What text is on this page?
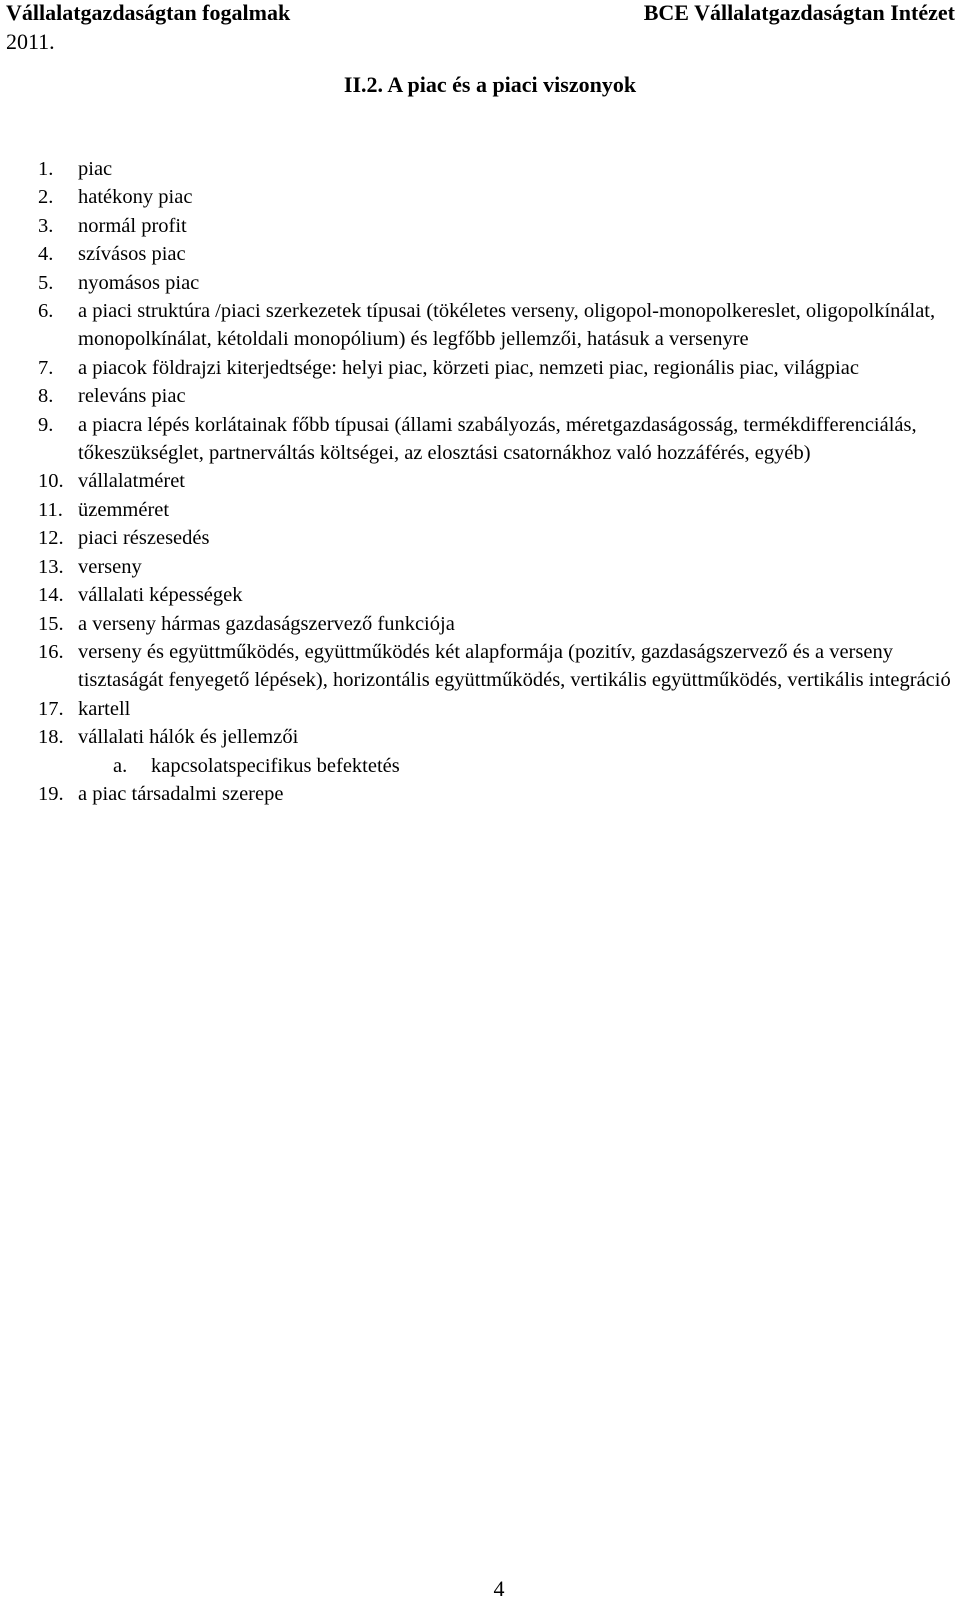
Vállalatgazdaságtan fogalmak	BCE Vállalatgazdaságtan Intézet
2011.
II.2. A piac és a piaci viszonyok
1.	piac
2.	hatékony piac
3.	normál profit
4.	szívásos piac
5.	nyomásos piac
6.	a piaci struktúra /piaci szerkezetek típusai (tökéletes verseny, oligopol-monopolkereslet, oligopolkínálat, monopolkínálat, kétoldali monopólium) és legfőbb jellemzői, hatásuk a versenyre
7.	a piacok földrajzi kiterjedtsége: helyi piac, körzeti piac, nemzeti piac, regionális piac, világpiac
8.	releváns piac
9.	a piacra lépés korlátainak főbb típusai (állami szabályozás, méretgazdaságosság, termékdifferenciálás, tőkeszükséglet, partnerváltás költségei, az elosztási csatornákhoz való hozzáférés, egyéb)
10. vállalatméret
11. üzemméret
12. piaci részesedés
13. verseny
14. vállalati képességek
15. a verseny hármas gazdaságszervező funkciója
16. verseny és együttműködés, együttműködés két alapformája (pozitív, gazdaságszervező és a verseny tisztaságát fenyegető lépések), horizontális együttműködés, vertikális együttműködés, vertikális integráció
17. kartell
18. vállalati hálók és jellemzői
a.	kapcsolatspecifikus befektetés
19. a piac társadalmi szerepe
4
